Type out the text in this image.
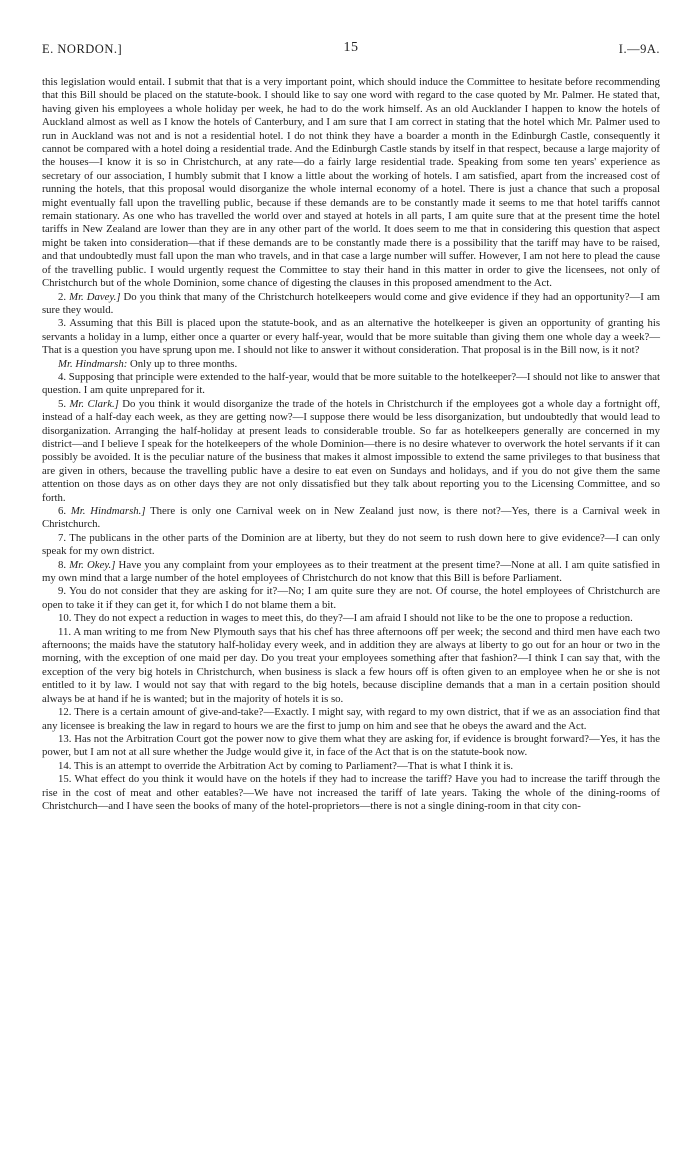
E. NORDON.]	15	I.—9A.

this legislation would entail. I submit that that is a very important point, which should induce the Committee to hesitate before recommending that this Bill should be placed on the statute-book. I should like to say one word with regard to the case quoted by Mr. Palmer. He stated that, having given his employees a whole holiday per week, he had to do the work himself. As an old Aucklander I happen to know the hotels of Auckland almost as well as I know the hotels of Canterbury, and I am sure that I am correct in stating that the hotel which Mr. Palmer used to run in Auckland was not and is not a residential hotel. I do not think they have a boarder a month in the Edinburgh Castle, consequently it cannot be compared with a hotel doing a residential trade. And the Edinburgh Castle stands by itself in that respect, because a large majority of the houses—I know it is so in Christchurch, at any rate—do a fairly large residential trade. Speaking from some ten years' experience as secretary of our association, I humbly submit that I know a little about the working of hotels. I am satisfied, apart from the increased cost of running the hotels, that this proposal would disorganize the whole internal economy of a hotel. There is just a chance that such a proposal might eventually fall upon the travelling public, because if these demands are to be constantly made it seems to me that hotel tariffs cannot remain stationary. As one who has travelled the world over and stayed at hotels in all parts, I am quite sure that at the present time the hotel tariffs in New Zealand are lower than they are in any other part of the world. It does seem to me that in considering this question that aspect might be taken into consideration—that if these demands are to be constantly made there is a possibility that the tariff may have to be raised, and that undoubtedly must fall upon the man who travels, and in that case a large number will suffer. However, I am not here to plead the cause of the travelling public. I would urgently request the Committee to stay their hand in this matter in order to give the licensees, not only of Christchurch but of the whole Dominion, some chance of digesting the clauses in this proposed amendment to the Act.

2. Mr. Davey.] Do you think that many of the Christchurch hotelkeepers would come and give evidence if they had an opportunity?—I am sure they would.

3. Assuming that this Bill is placed upon the statute-book, and as an alternative the hotelkeeper is given an opportunity of granting his servants a holiday in a lump, either once a quarter or every half-year, would that be more suitable than giving them one whole day a week?—That is a question you have sprung upon me. I should not like to answer it without consideration. That proposal is in the Bill now, is it not?

Mr. Hindmarsh: Only up to three months.

4. Supposing that principle were extended to the half-year, would that be more suitable to the hotelkeeper?—I should not like to answer that question. I am quite unprepared for it.

5. Mr. Clark.] Do you think it would disorganize the trade of the hotels in Christchurch if the employees got a whole day a fortnight off, instead of a half-day each week, as they are getting now?—I suppose there would be less disorganization, but undoubtedly that would lead to disorganization. Arranging the half-holiday at present leads to considerable trouble. So far as hotelkeepers generally are concerned in my district—and I believe I speak for the hotelkeepers of the whole Dominion—there is no desire whatever to overwork the hotel servants if it can possibly be avoided. It is the peculiar nature of the business that makes it almost impossible to extend the same privileges to that business that are given in others, because the travelling public have a desire to eat even on Sundays and holidays, and if you do not give them the same attention on those days as on other days they are not only dissatisfied but they talk about reporting you to the Licensing Committee, and so forth.

6. Mr. Hindmarsh.] There is only one Carnival week on in New Zealand just now, is there not?—Yes, there is a Carnival week in Christchurch.

7. The publicans in the other parts of the Dominion are at liberty, but they do not seem to rush down here to give evidence?—I can only speak for my own district.

8. Mr. Okey.] Have you any complaint from your employees as to their treatment at the present time?—None at all. I am quite satisfied in my own mind that a large number of the hotel employees of Christchurch do not know that this Bill is before Parliament.

9. You do not consider that they are asking for it?—No; I am quite sure they are not. Of course, the hotel employees of Christchurch are open to take it if they can get it, for which I do not blame them a bit.

10. They do not expect a reduction in wages to meet this, do they?—I am afraid I should not like to be the one to propose a reduction.

11. A man writing to me from New Plymouth says that his chef has three afternoons off per week; the second and third men have each two afternoons; the maids have the statutory half-holiday every week, and in addition they are always at liberty to go out for an hour or two in the morning, with the exception of one maid per day. Do you treat your employees something after that fashion?—I think I can say that, with the exception of the very big hotels in Christchurch, when business is slack a few hours off is often given to an employee when he or she is not entitled to it by law. I would not say that with regard to the big hotels, because discipline demands that a man in a certain position should always be at hand if he is wanted; but in the majority of hotels it is so.

12. There is a certain amount of give-and-take?—Exactly. I might say, with regard to my own district, that if we as an association find that any licensee is breaking the law in regard to hours we are the first to jump on him and see that he obeys the award and the Act.

13. Has not the Arbitration Court got the power now to give them what they are asking for, if evidence is brought forward?—Yes, it has the power, but I am not at all sure whether the Judge would give it, in face of the Act that is on the statute-book now.

14. This is an attempt to override the Arbitration Act by coming to Parliament?—That is what I think it is.

15. What effect do you think it would have on the hotels if they had to increase the tariff? Have you had to increase the tariff through the rise in the cost of meat and other eatables?—We have not increased the tariff of late years. Taking the whole of the dining-rooms of Christchurch—and I have seen the books of many of the hotel-proprietors—there is not a single dining-room in that city con-
